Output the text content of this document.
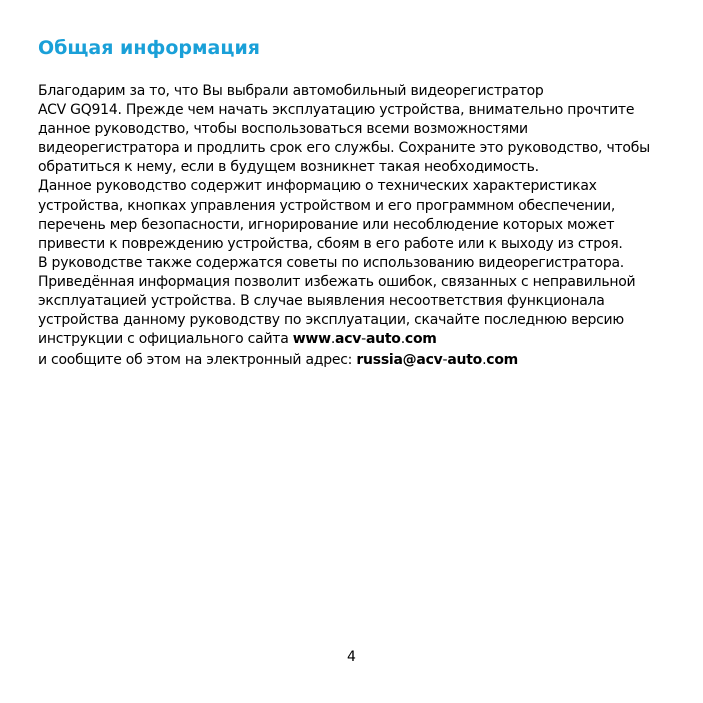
Общая информация
Благодарим за то, что Вы выбрали автомобильный видеорегистратор
ACV GQ914. Прежде чем начать эксплуатацию устройства, внимательно прочтите
данное руководство, чтобы воспользоваться всеми возможностями
видеорегистратора и продлить срок его службы. Сохраните это руководство, чтобы
обратиться к нему, если в будущем возникнет такая необходимость.
Данное руководство содержит информацию о технических характеристиках
устройства, кнопках управления устройством и его программном обеспечении,
перечень мер безопасности, игнорирование или несоблюдение которых может
привести к повреждению устройства, сбоям в его работе или к выходу из строя.
В руководстве также содержатся советы по использованию видеорегистратора.
Приведённая информация позволит избежать ошибок, связанных с неправильной
эксплуатацией устройства. В случае выявления несоответствия функционала
устройства данному руководству по эксплуатации, скачайте последнюю версию
инструкции с официального сайта www.acv-auto.com
и сообщите об этом на электронный адрес: russia@acv-auto.com
4
